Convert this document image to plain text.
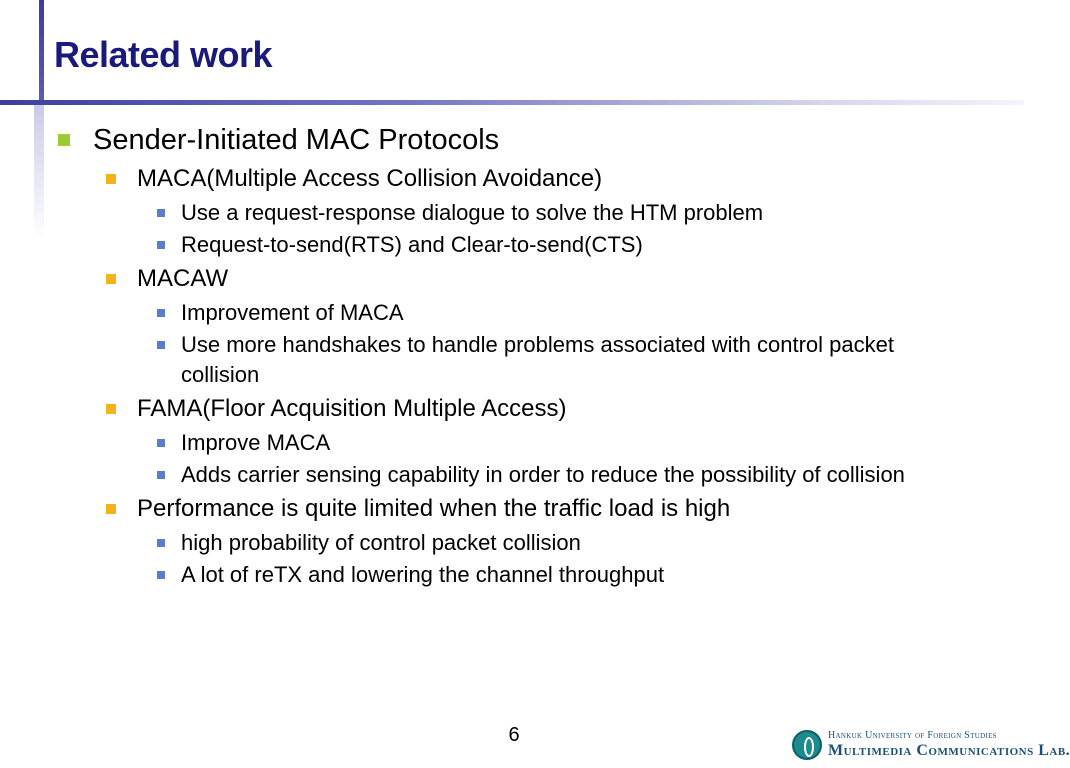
Related work
Sender-Initiated MAC Protocols
MACA(Multiple Access Collision Avoidance)
Use a request-response dialogue to solve the HTM problem
Request-to-send(RTS) and Clear-to-send(CTS)
MACAW
Improvement of MACA
Use more handshakes to handle problems associated with control packet collision
FAMA(Floor Acquisition Multiple Access)
Improve MACA
Adds carrier sensing capability in order to reduce the possibility of collision
Performance is quite limited when the traffic load is high
high probability of control packet collision
A lot of reTX and lowering the channel throughput
6	Hankuk University of Foreign Studies
Multimedia Communications Lab.
